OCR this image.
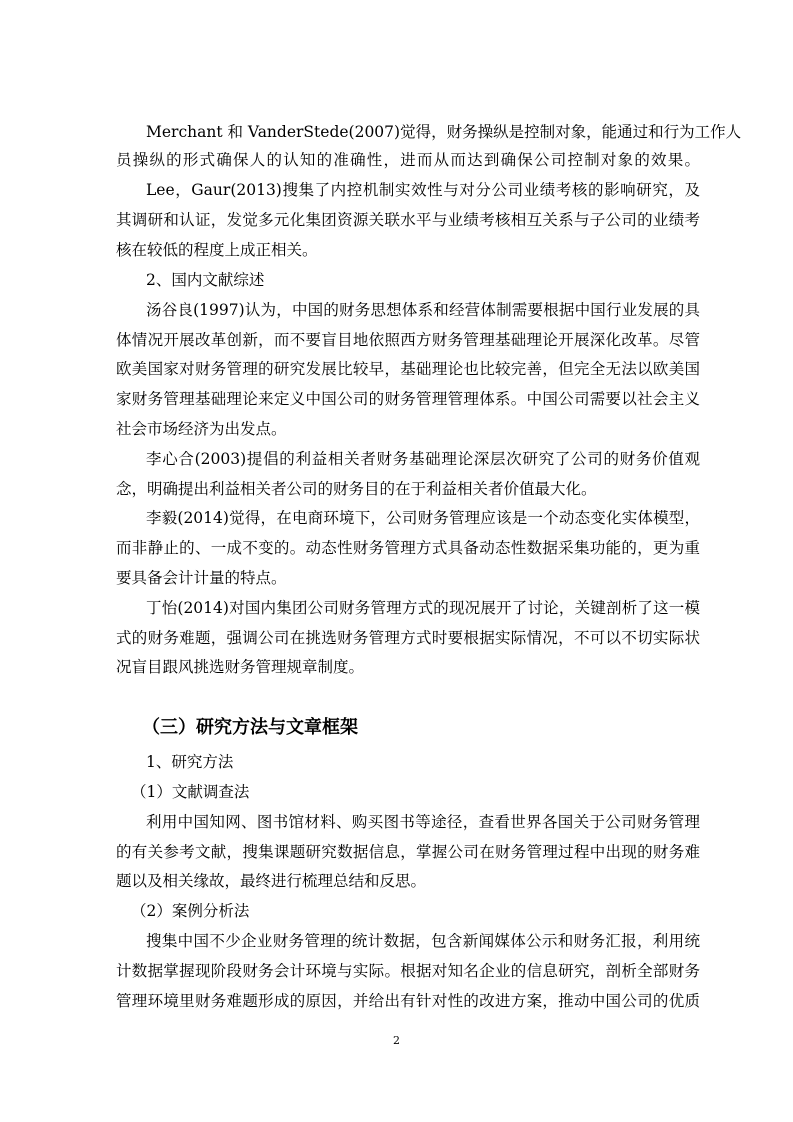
Merchant 和 VanderStede(2007)觉得，财务操纵是控制对象，能通过和行为工作人
员操纵的形式确保人的认知的准确性，进而从而达到确保公司控制对象的效果。
Lee，Gaur(2013)搜集了内控机制实效性与对分公司业绩考核的影响研究，及
其调研和认证，发觉多元化集团资源关联水平与业绩考核相互关系与子公司的业绩考
核在较低的程度上成正相关。
2、国内文献综述
汤谷良(1997)认为，中国的财务思想体系和经营体制需要根据中国行业发展的具
体情况开展改革创新，而不要盲目地依照西方财务管理基础理论开展深化改革。尽管
欧美国家对财务管理的研究发展比较早，基础理论也比较完善，但完全无法以欧美国
家财务管理基础理论来定义中国公司的财务管理管理体系。中国公司需要以社会主义
社会市场经济为出发点。
李心合(2003)提倡的利益相关者财务基础理论深层次研究了公司的财务价值观
念，明确提出利益相关者公司的财务目的在于利益相关者价值最大化。
李毅(2014)觉得，在电商环境下，公司财务管理应该是一个动态变化实体模型，
而非静止的、一成不变的。动态性财务管理方式具备动态性数据采集功能的，更为重
要具备会计计量的特点。
丁怡(2014)对国内集团公司财务管理方式的现况展开了讨论，关键剖析了这一模
式的财务难题，强调公司在挑选财务管理方式时要根据实际情况，不可以不切实际状
况盲目跟风挑选财务管理规章制度。
（三）研究方法与文章框架
1、研究方法
（1）文献调查法
利用中国知网、图书馆材料、购买图书等途径，查看世界各国关于公司财务管理
的有关参考文献，搜集课题研究数据信息，掌握公司在财务管理过程中出现的财务难
题以及相关缘故，最终进行梳理总结和反思。
（2）案例分析法
搜集中国不少企业财务管理的统计数据，包含新闻媒体公示和财务汇报，利用统
计数据掌握现阶段财务会计环境与实际。根据对知名企业的信息研究，剖析全部财务
管理环境里财务难题形成的原因，并给出有针对性的改进方案，推动中国公司的优质
2
